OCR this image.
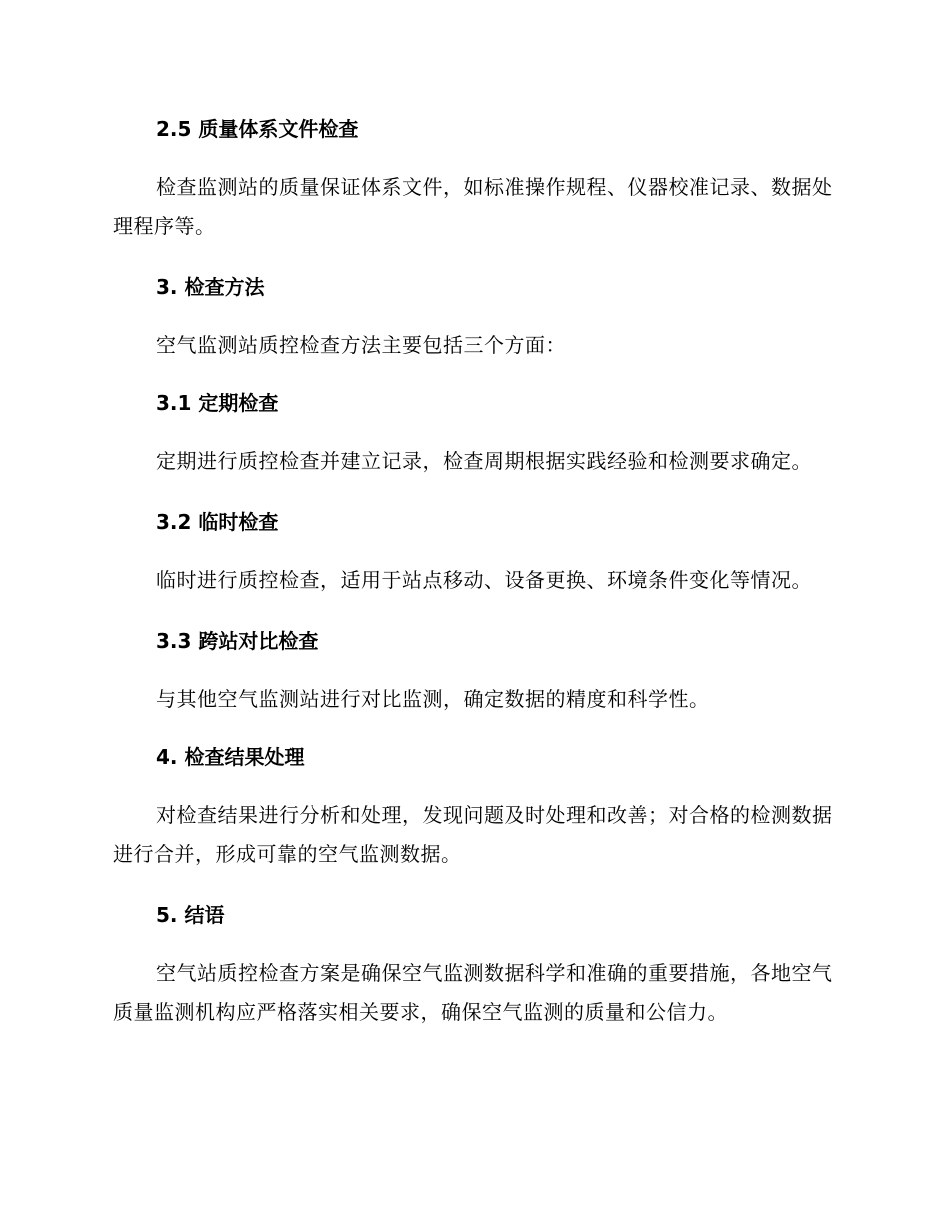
2.5 质量体系文件检查
检查监测站的质量保证体系文件，如标准操作规程、仪器校准记录、数据处理程序等。
3. 检查方法
空气监测站质控检查方法主要包括三个方面：
3.1 定期检查
定期进行质控检查并建立记录，检查周期根据实践经验和检测要求确定。
3.2 临时检查
临时进行质控检查，适用于站点移动、设备更换、环境条件变化等情况。
3.3 跨站对比检查
与其他空气监测站进行对比监测，确定数据的精度和科学性。
4. 检查结果处理
对检查结果进行分析和处理，发现问题及时处理和改善；对合格的检测数据进行合并，形成可靠的空气监测数据。
5. 结语
空气站质控检查方案是确保空气监测数据科学和准确的重要措施，各地空气质量监测机构应严格落实相关要求，确保空气监测的质量和公信力。
